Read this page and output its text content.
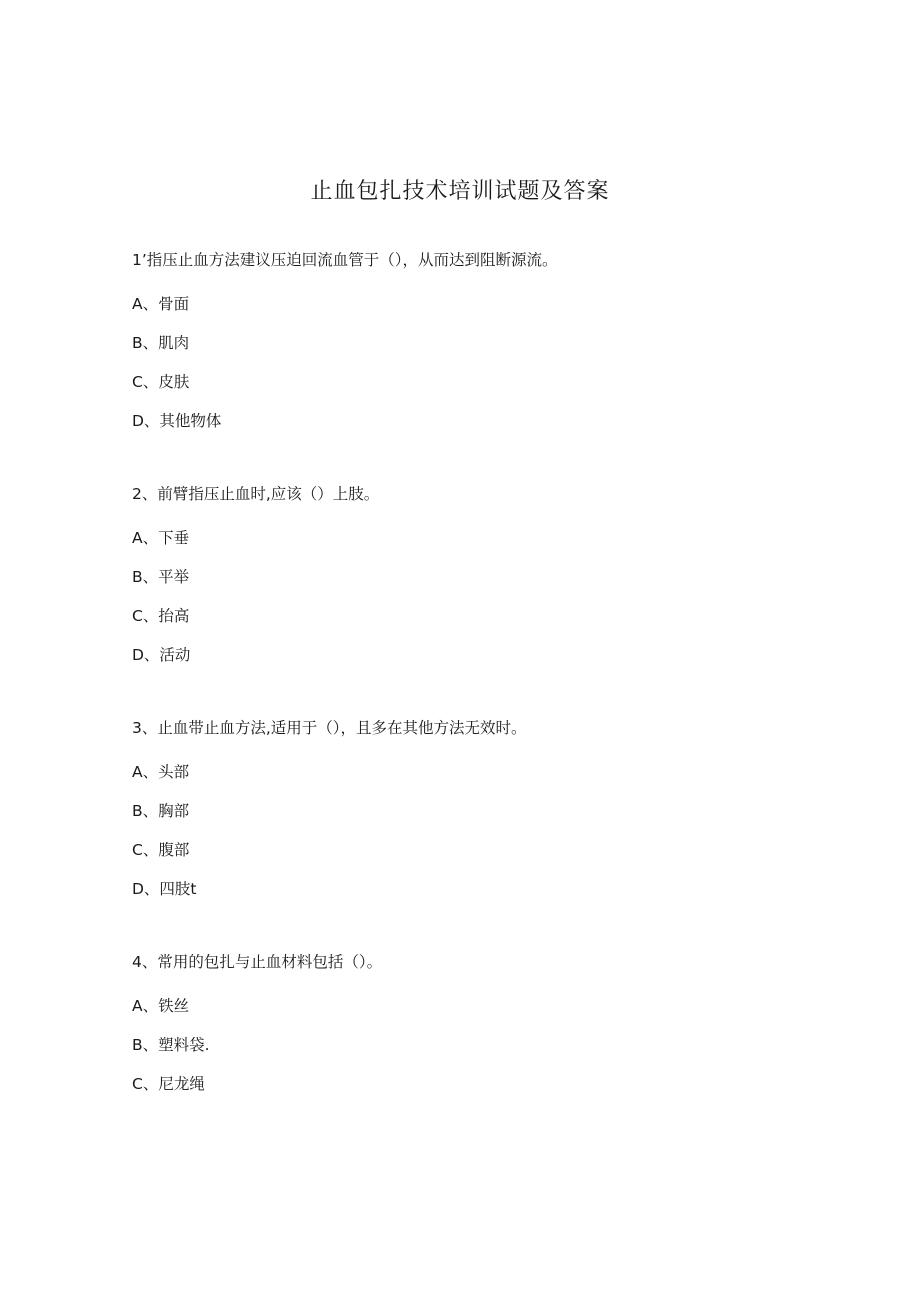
止血包扎技术培训试题及答案
1’指压止血方法建议压迫回流血管于（），从而达到阻断源流。
A、骨面
B、肌肉
C、皮肤
D、其他物体
2、前臂指压止血时,应该（）上肢。
A、下垂
B、平举
C、抬高
D、活动
3、止血带止血方法,适用于（），且多在其他方法无效时。
A、头部
B、胸部
C、腹部
D、四肢t
4、常用的包扎与止血材料包括（）。
A、铁丝
B、塑料袋.
C、尼龙绳
